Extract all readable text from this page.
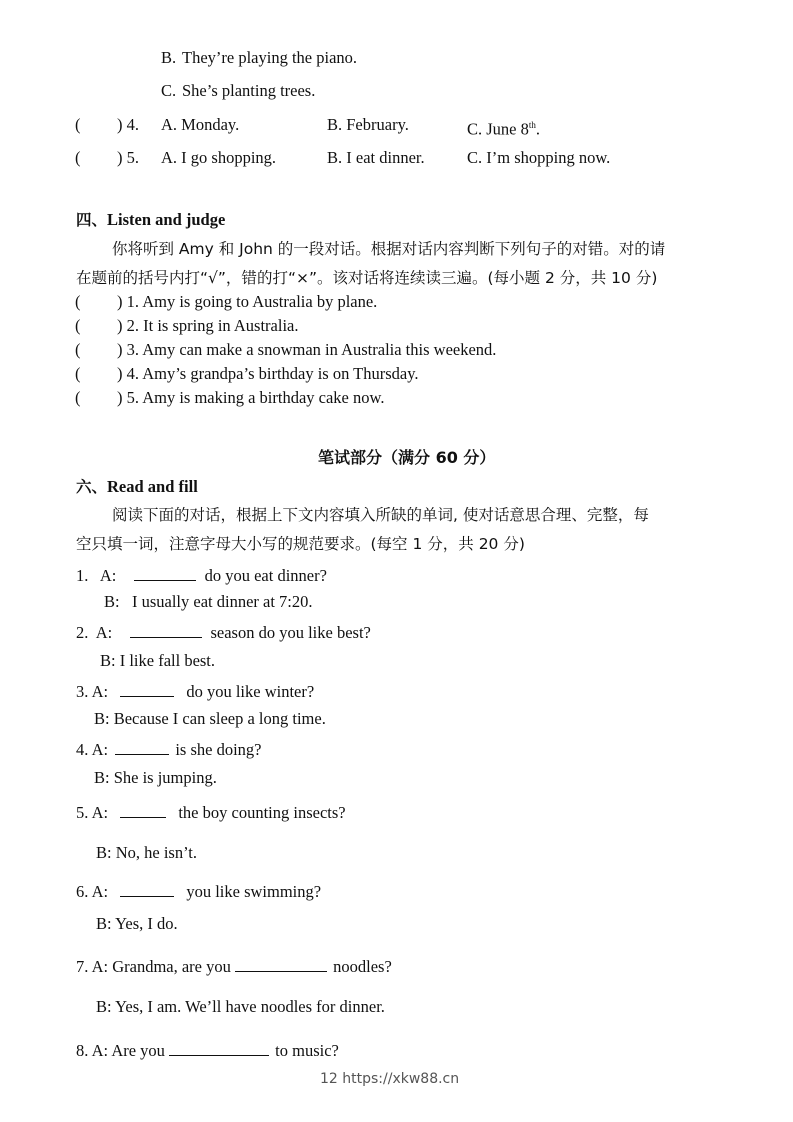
B. They’re playing the piano.
C. She’s planting trees.
( ) 4. A. Monday.	B. February.	C. June 8th.
( ) 5. A. I go shopping.	B. I eat dinner.	C. I’m shopping now.
四、Listen and judge
你将听到 Amy 和 John 的一段对话。根据对话内容判断下列句子的对错。对的请
在题前的括号内打“√”，错的打“×”。该对话将连续读三遍。(每小题 2 分，共 10 分)
( ) 1. Amy is going to Australia by plane.
( ) 2. It is spring in Australia.
( ) 3. Amy can make a snowman in Australia this weekend.
( ) 4. Amy’s grandpa’s birthday is on Thursday.
( ) 5. Amy is making a birthday cake now.
笔试部分（满分 60 分）
六、Read and fill
阅读下面的对话，根据上下文内容填入所缺的单词, 使对话意思合理、完整，每
空只填一词，注意字母大小写的规范要求。(每空 1 分，共 20 分)
1.   A:	do you eat dinner?
B:   I usually eat dinner at 7:20.
2.  A:	season do you like best?
B: I like fall best.
3. A:	do you like winter?
B: Because I can sleep a long time.
4. A:	is she doing?
B: She is jumping.
5. A:	the boy counting insects?
B: No, he isn’t.
6. A:	you like swimming?
B: Yes, I do.
7. A: Grandma, are you	noodles?
B: Yes, I am. We’ll have noodles for dinner.
8. A: Are you	to music?
12 https://xkw88.cn
